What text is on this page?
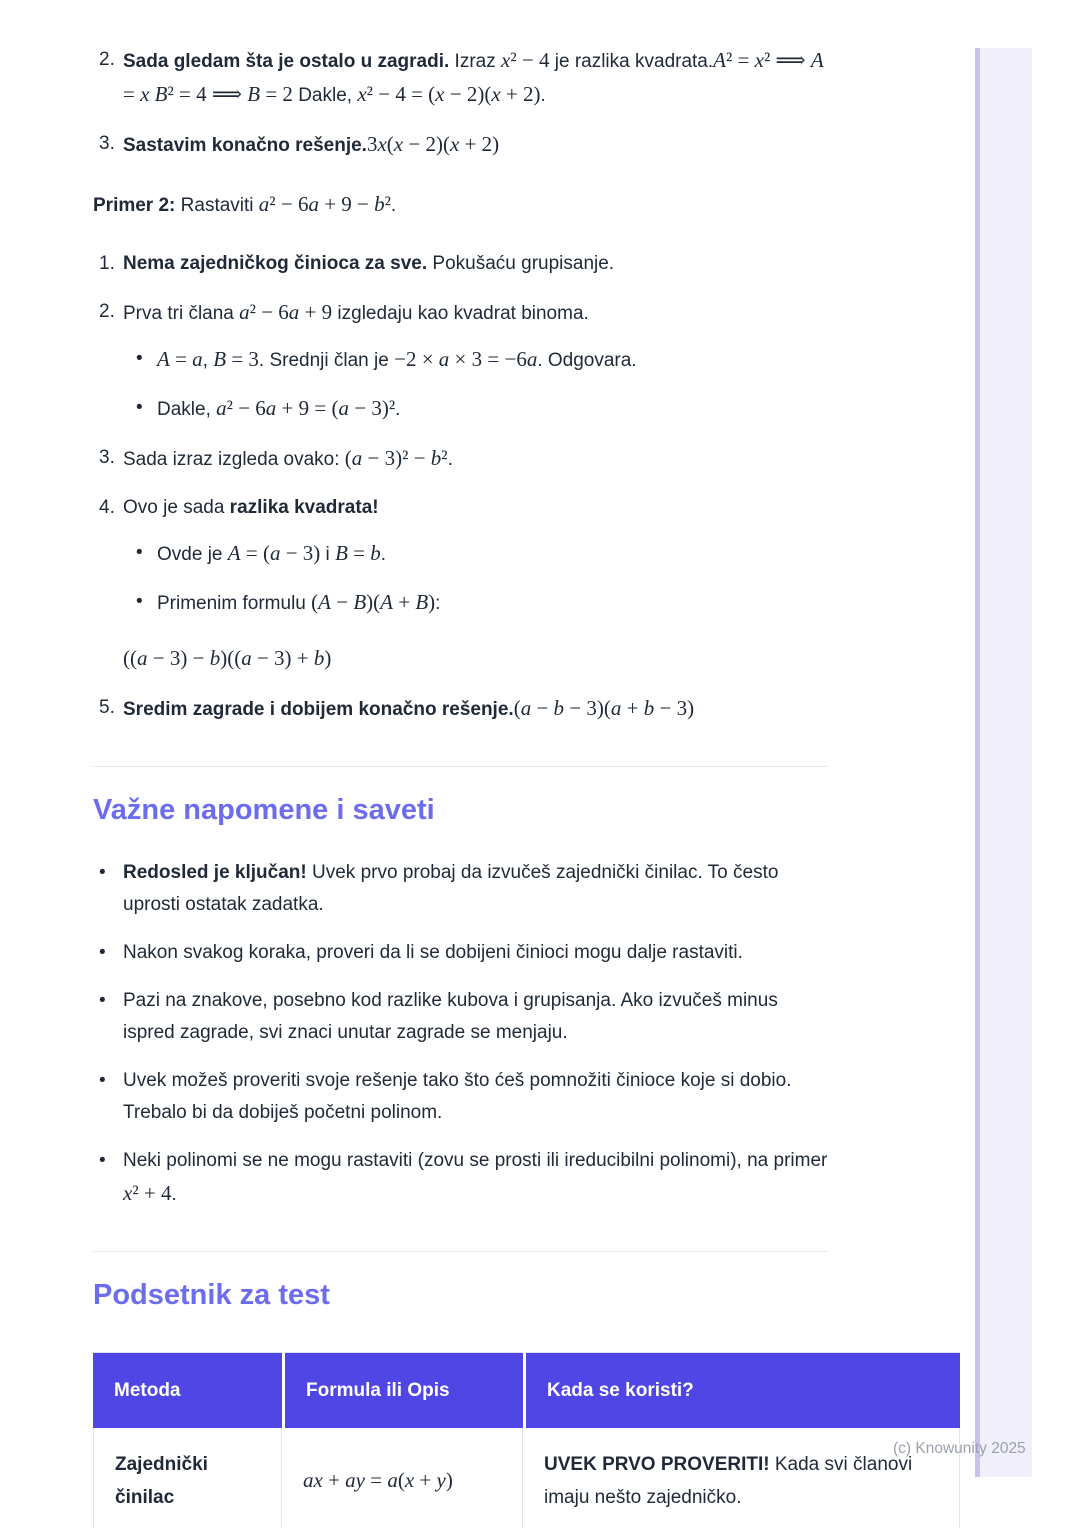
(c) Knowunity 2025
2. Sada gledam šta je ostalo u zagradi. Izraz x² − 4 je razlika kvadrata.A² = x² ⟹ A = x B² = 4 ⟹ B = 2 Dakle, x² − 4 = (x − 2)(x + 2).
3. Sastavim konačno rešenje.3x(x − 2)(x + 2)
Primer 2: Rastaviti a² − 6a + 9 − b².
1. Nema zajedničkog činioca za sve. Pokušaću grupisanje.
2. Prva tri člana a² − 6a + 9 izgledaju kao kvadrat binoma.
• A = a, B = 3. Srednji član je −2 × a × 3 = −6a. Odgovara.
• Dakle, a² − 6a + 9 = (a − 3)².
3. Sada izraz izgleda ovako: (a − 3)² − b².
4. Ovo je sada razlika kvadrata!
• Ovde je A = (a − 3) i B = b.
• Primenim formulu (A − B)(A + B):
((a − 3) − b)((a − 3) + b)
5. Sredim zagrade i dobijem konačno rešenje.(a − b − 3)(a + b − 3)
Važne napomene i saveti
• Redosled je ključan! Uvek prvo probaj da izvučeš zajednički činilac. To često uprosti ostatak zadatka.
• Nakon svakog koraka, proveri da li se dobijeni činioci mogu dalje rastaviti.
• Pazi na znakove, posebno kod razlike kubova i grupisanja. Ako izvučeš minus ispred zagrade, svi znaci unutar zagrade se menjaju.
• Uvek možeš proveriti svoje rešenje tako što ćeš pomnožiti činioce koje si dobio. Trebalo bi da dobiješ početni polinom.
• Neki polinomi se ne mogu rastaviti (zovu se prosti ili ireducibilni polinomi), na primer x² + 4.
Podsetnik za test
Metoda	Formula ili Opis	Kada se koristi?
Zajednički činilac	ax + ay = a(x + y)	UVEK PRVO PROVERITI! Kada svi članovi imaju nešto zajedničko.
